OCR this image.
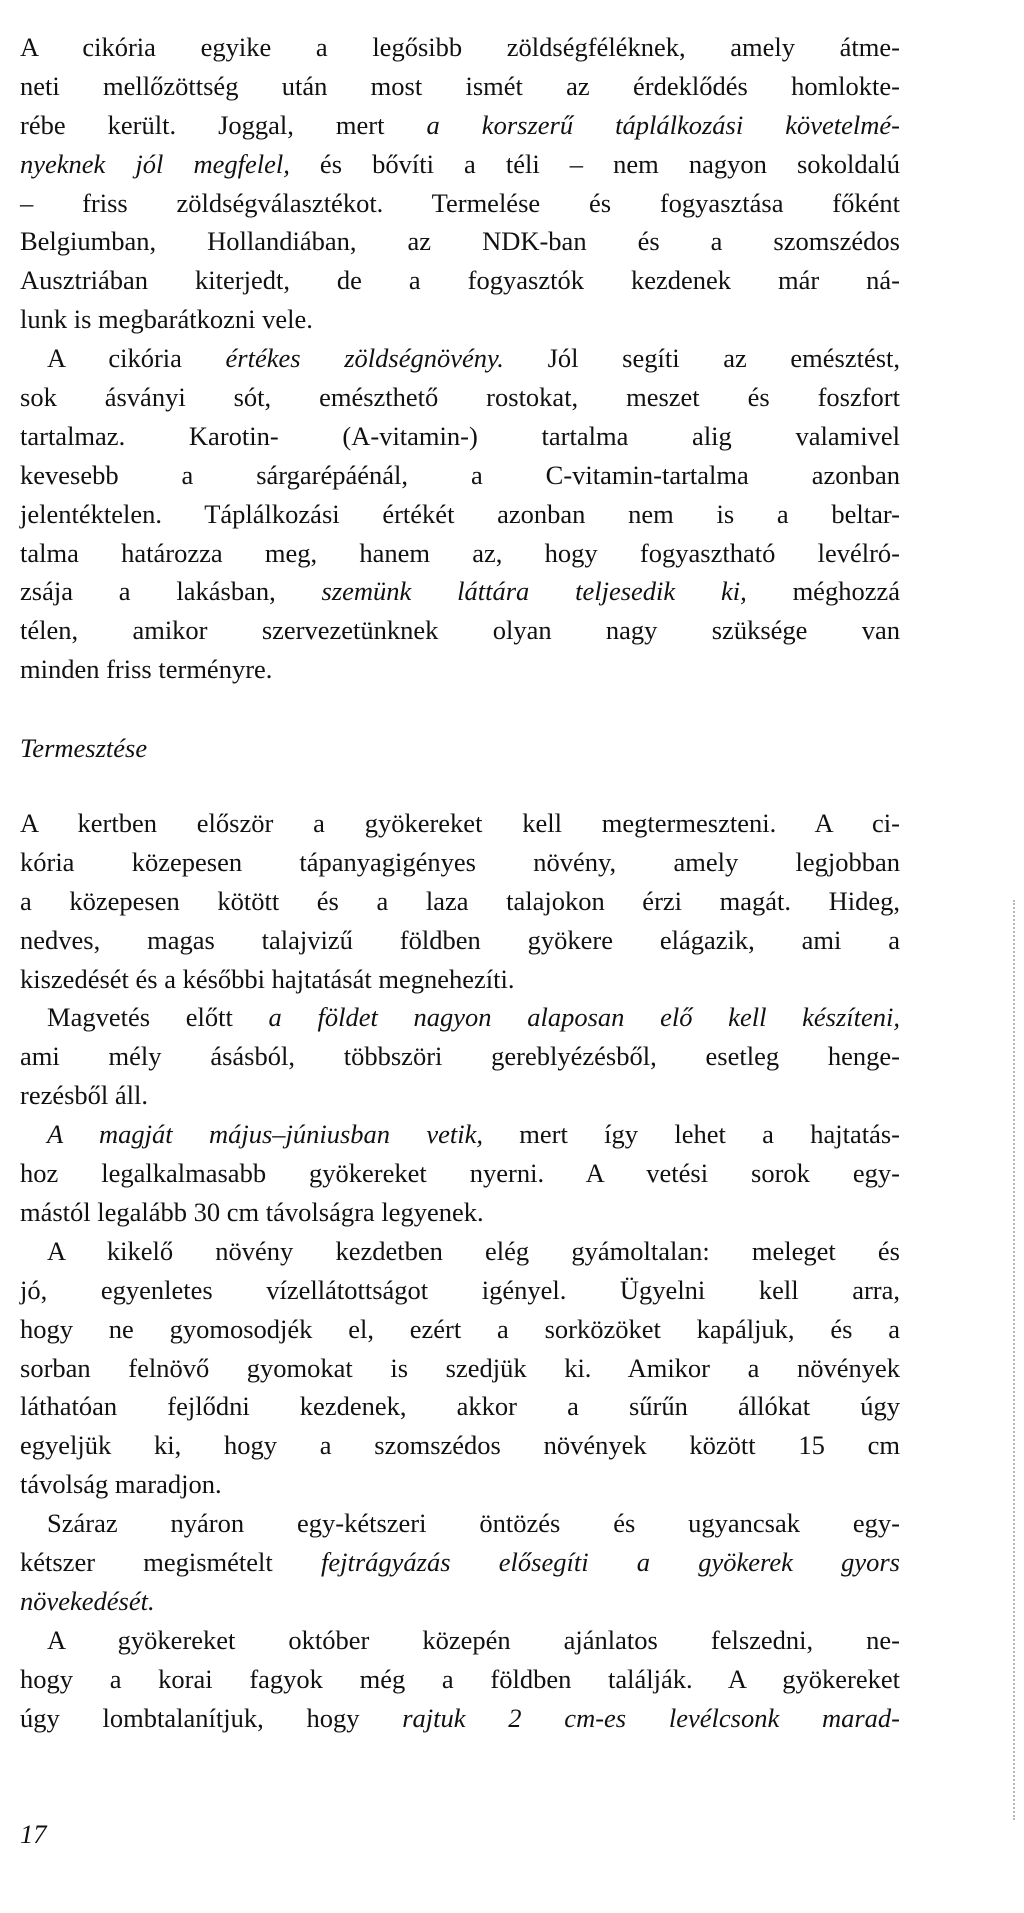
A cikória egyike a legősibb zöldségféléknek, amely átme-
neti mellőzöttség után most ismét az érdeklődés homlokte-
rébe került. Joggal, mert a korszerű táplálkozási követelmé-
nyeknek jól megfelel, és bővíti a téli – nem nagyon sokoldalú
– friss zöldségválasztékot. Termelése és fogyasztása főként
Belgiumban, Hollandiában, az NDK-ban és a szomszédos
Ausztriában kiterjedt, de a fogyasztók kezdenek már ná-
lunk is megbarátkozni vele.
A cikória értékes zöldségnövény. Jól segíti az emésztést,
sok ásványi sót, emészthető rostokat, meszet és foszfort
tartalmaz. Karotin- (A-vitamin-) tartalma alig valamivel
kevesebb a sárgarépáénál, a C-vitamin-tartalma azonban
jelentéktelen. Táplálkozási értékét azonban nem is a beltar-
talma határozza meg, hanem az, hogy fogyasztható levélró-
zsája a lakásban, szemünk láttára teljesedik ki, méghozzá
télen, amikor szervezetünknek olyan nagy szüksége van
minden friss terményre.
Termesztése
A kertben először a gyökereket kell megtermeszteni. A ci-
kória közepesen tápanyagigényes növény, amely legjobban
a közepesen kötött és a laza talajokon érzi magát. Hideg,
nedves, magas talajvizű földben gyökere elágazik, ami a
kiszedését és a későbbi hajtatását megnehezíti.
Magvetés előtt a földet nagyon alaposan elő kell készíteni,
ami mély ásásból, többszöri gereblyézésből, esetleg henge-
rezésből áll.
A magját május–júniusban vetik, mert így lehet a hajtatás-
hoz legalkalmasabb gyökereket nyerni. A vetési sorok egy-
mástól legalább 30 cm távolságra legyenek.
A kikelő növény kezdetben elég gyámoltalan: meleget és
jó, egyenletes vízellátottságot igényel. Ügyelni kell arra,
hogy ne gyomosodjék el, ezért a sorközöket kapáljuk, és a
sorban felnövő gyomokat is szedjük ki. Amikor a növények
láthatóan fejlődni kezdenek, akkor a sűrűn állókat úgy
egyeljük ki, hogy a szomszédos növények között 15 cm
távolság maradjon.
Száraz nyáron egy-kétszeri öntözés és ugyancsak egy-
kétszer megismételt fejtrágyázás elősegíti a gyökerek gyors
növekedését.
A gyökereket október közepén ajánlatos felszedni, ne-
hogy a korai fagyok még a földben találják. A gyökereket
úgy lombtalanítjuk, hogy rajtuk 2 cm-es levélcsonk marad-
17
